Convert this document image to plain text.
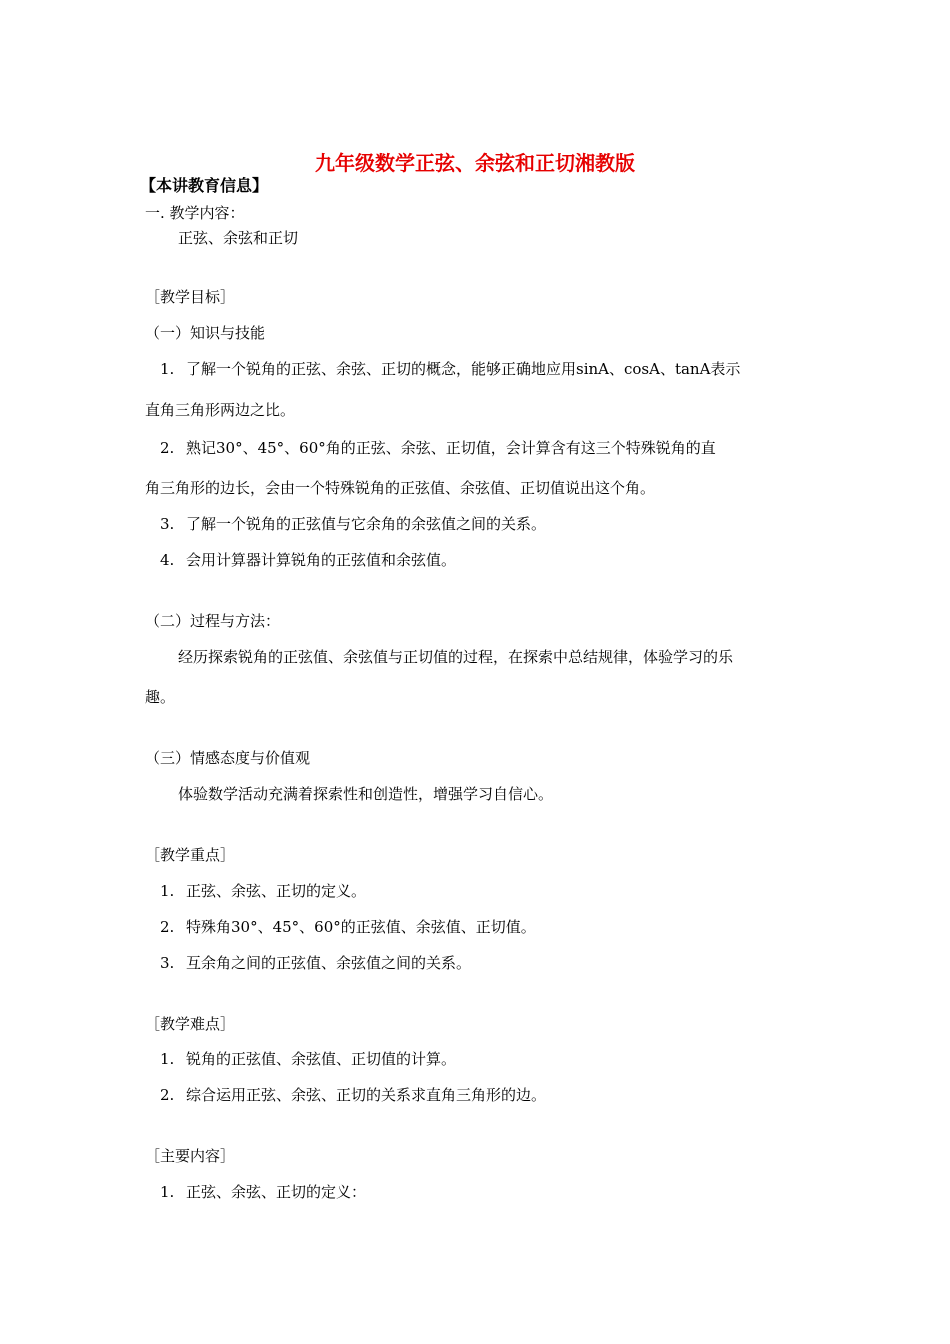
九年级数学正弦、余弦和正切湘教版
【本讲教育信息】
一. 教学内容：
正弦、余弦和正切
［教学目标］
（一）知识与技能
1. 了解一个锐角的正弦、余弦、正切的概念，能够正确地应用sinA、cosA、tanA表示
直角三角形两边之比。
2. 熟记30°、45°、60°角的正弦、余弦、正切值，会计算含有这三个特殊锐角的直
角三角形的边长，会由一个特殊锐角的正弦值、余弦值、正切值说出这个角。
3. 了解一个锐角的正弦值与它余角的余弦值之间的关系。
4. 会用计算器计算锐角的正弦值和余弦值。
（二）过程与方法：
经历探索锐角的正弦值、余弦值与正切值的过程，在探索中总结规律，体验学习的乐
趣。
（三）情感态度与价值观
体验数学活动充满着探索性和创造性，增强学习自信心。
［教学重点］
1. 正弦、余弦、正切的定义。
2. 特殊角30°、45°、60°的正弦值、余弦值、正切值。
3. 互余角之间的正弦值、余弦值之间的关系。
［教学难点］
1. 锐角的正弦值、余弦值、正切值的计算。
2. 综合运用正弦、余弦、正切的关系求直角三角形的边。
［主要内容］
1. 正弦、余弦、正切的定义：
